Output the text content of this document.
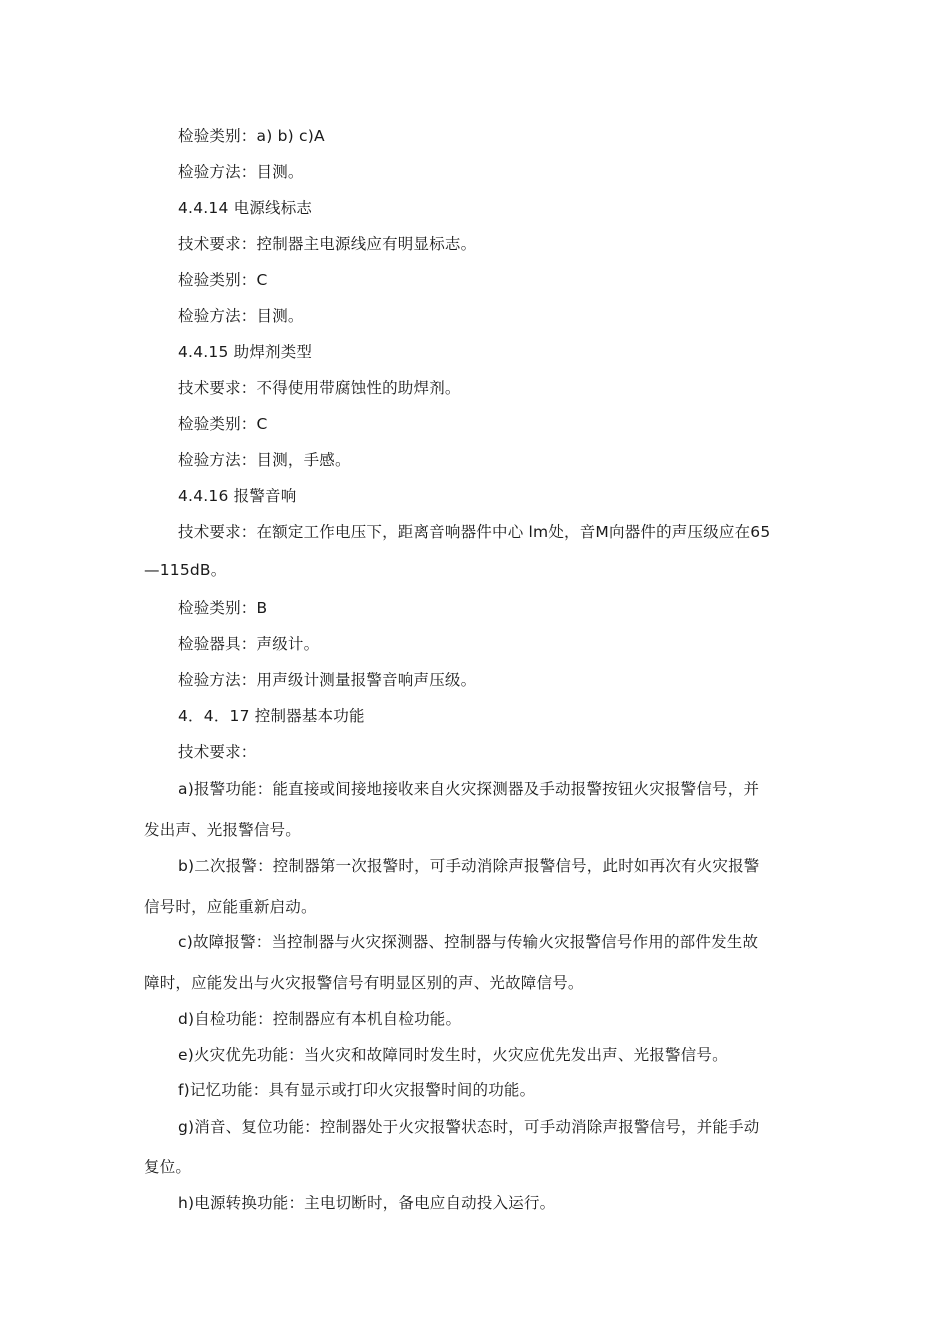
检验类别：a) b) c)A
检验方法：目测。
4.4.14 电源线标志
技术要求：控制器主电源线应有明显标志。
检验类别：C
检验方法：目测。
4.4.15 助焊剂类型
技术要求：不得使用带腐蚀性的助焊剂。
检验类别：C
检验方法：目测，手感。
4.4.16 报警音响
技术要求：在额定工作电压下，距离音响器件中心 lm处，音M向器件的声压级应在65
—115dB。
检验类别：B
检验器具：声级计。
检验方法：用声级计测量报警音响声压级。
4．4．17 控制器基本功能
技术要求：
a)报警功能：能直接或间接地接收来自火灾探测器及手动报警按钮火灾报警信号，并
发出声、光报警信号。
b)二次报警：控制器第一次报警时，可手动消除声报警信号，此时如再次有火灾报警
信号时，应能重新启动。
c)故障报警：当控制器与火灾探测器、控制器与传输火灾报警信号作用的部件发生故
障时，应能发出与火灾报警信号有明显区别的声、光故障信号。
d)自检功能：控制器应有本机自检功能。
e)火灾优先功能：当火灾和故障同时发生时，火灾应优先发出声、光报警信号。
f)记忆功能：具有显示或打印火灾报警时间的功能。
g)消音、复位功能：控制器处于火灾报警状态时，可手动消除声报警信号，并能手动
复位。
h)电源转换功能：主电切断时，备电应自动投入运行。
